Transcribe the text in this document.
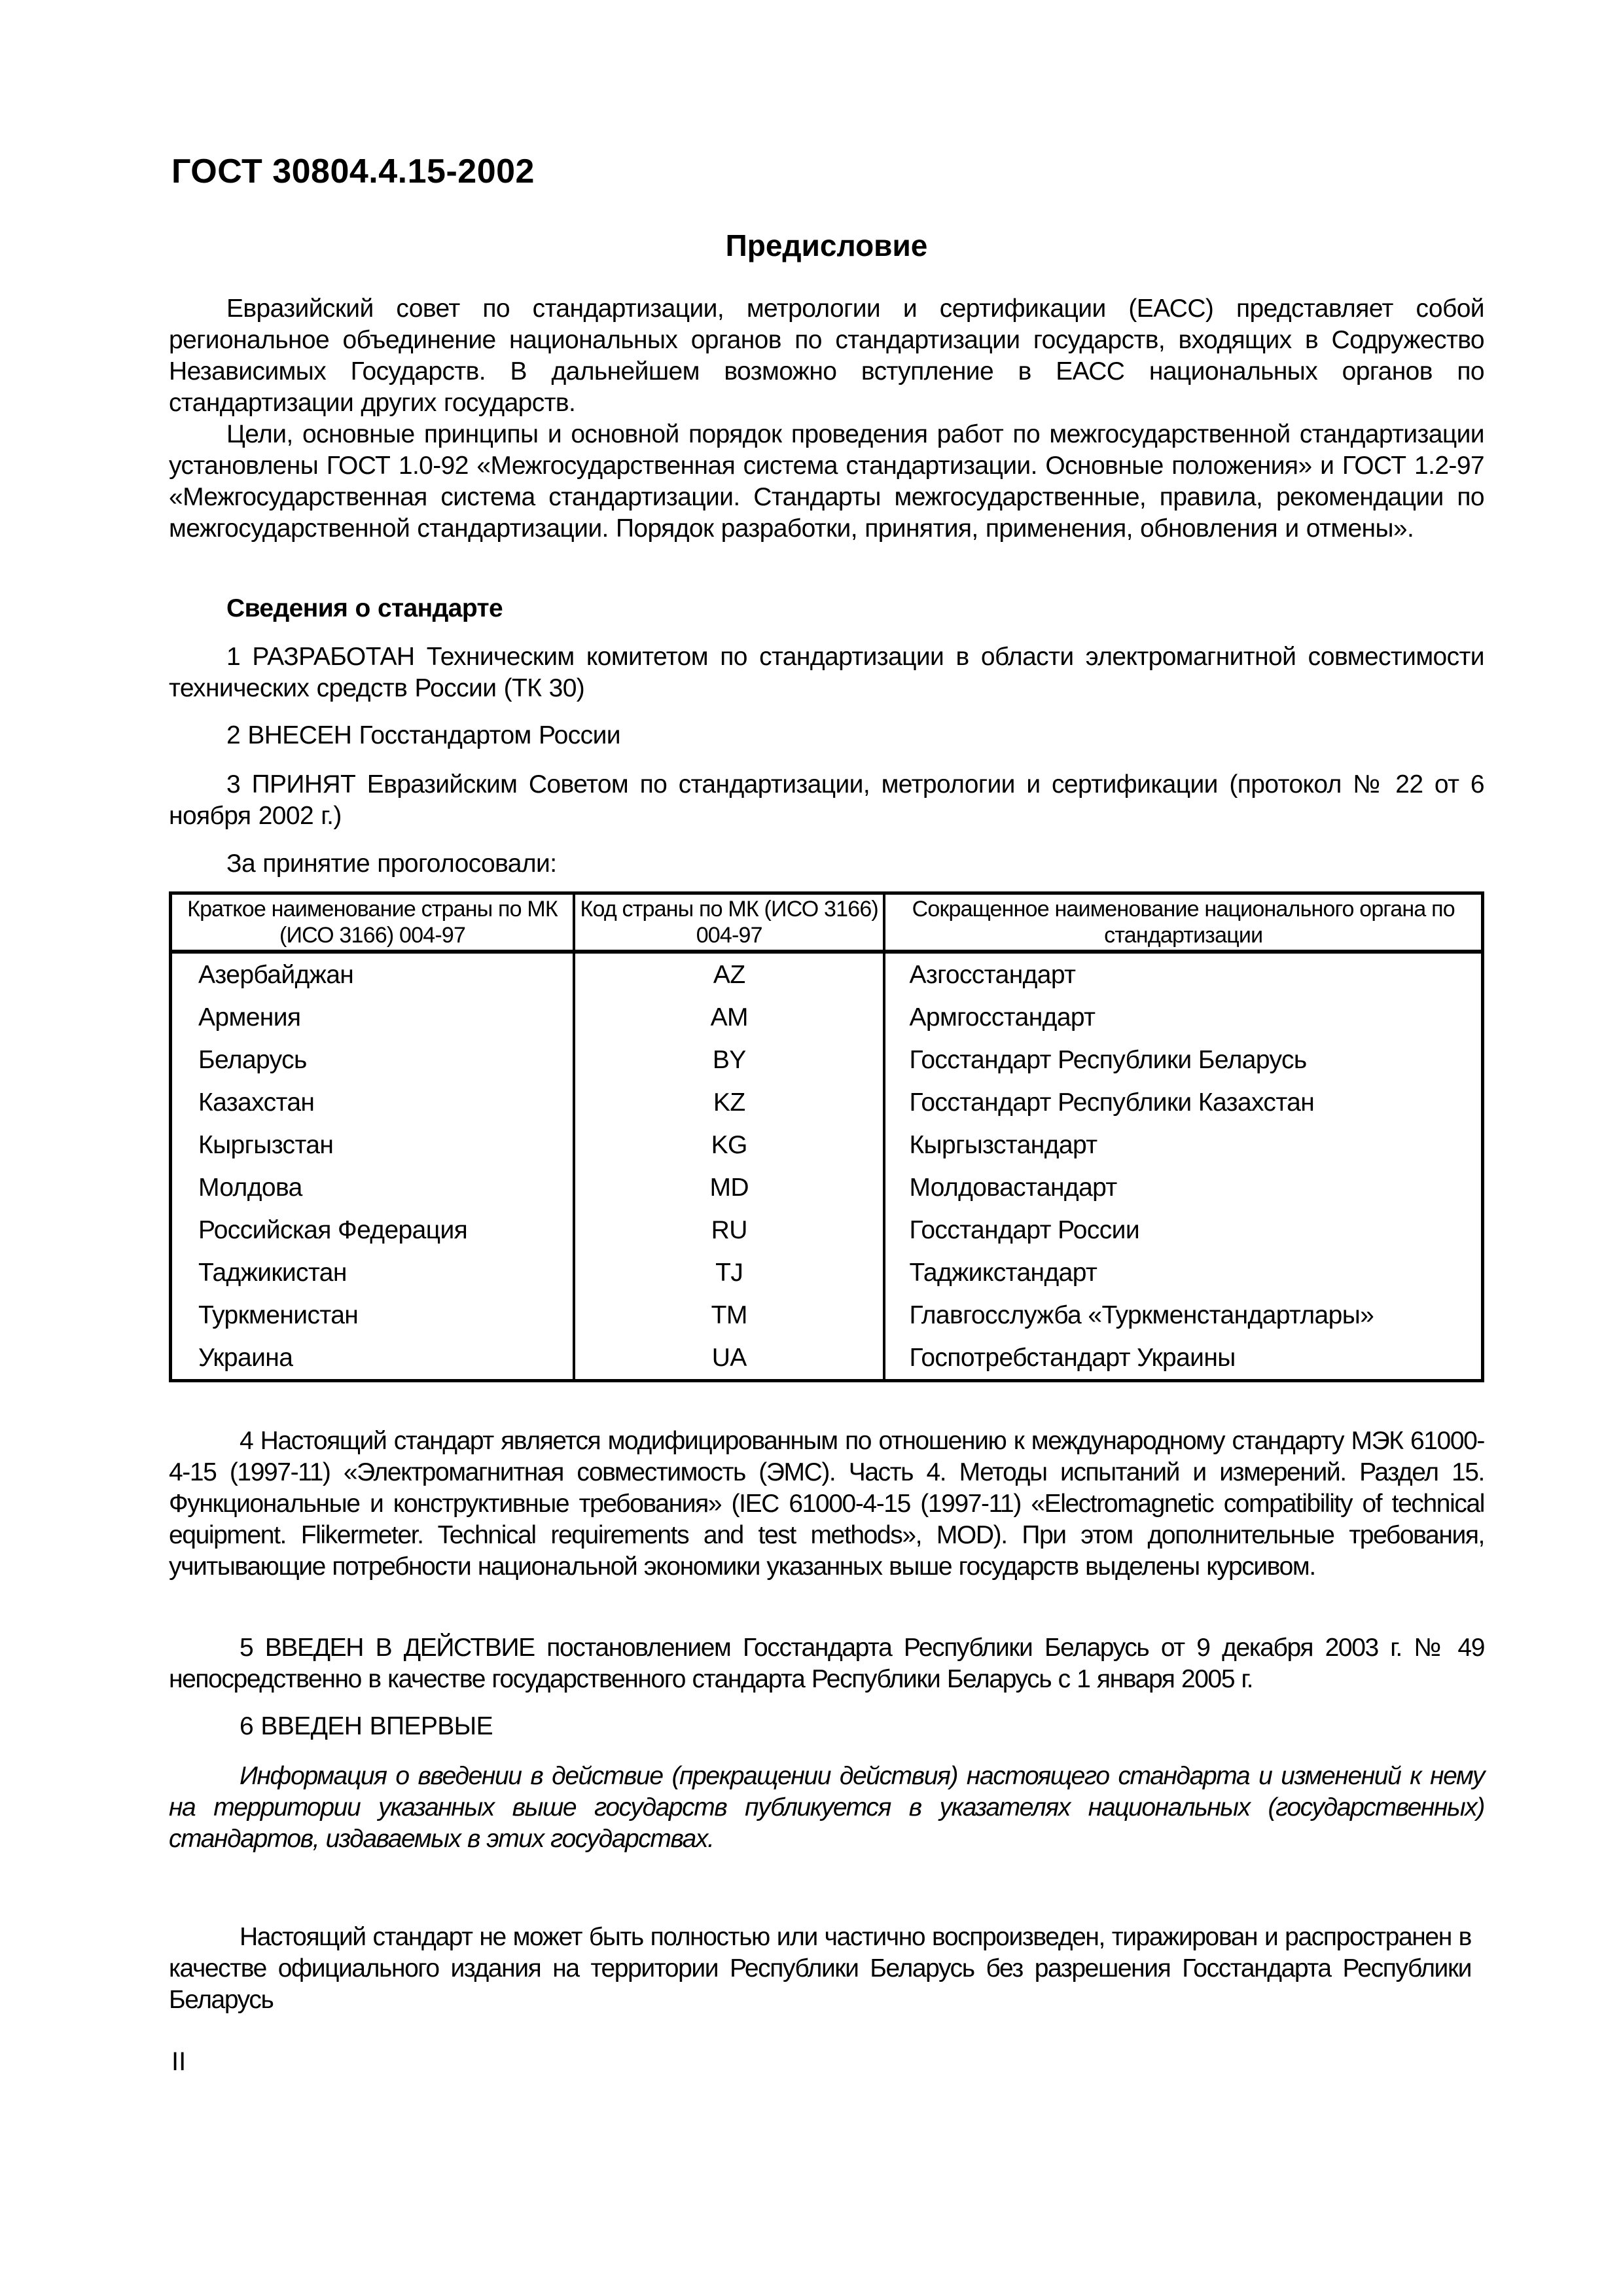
ГОСТ 30804.4.15-2002
Предисловие

Евразийский совет по стандартизации, метрологии и сертификации (ЕАСС) представляет собой региональное объединение национальных органов по стандартизации государств, входящих в Содружество Независимых Государств. В дальнейшем возможно вступление в ЕАСС национальных органов по стандартизации других государств.

Цели, основные принципы и основной порядок проведения работ по межгосударственной стандартизации установлены ГОСТ 1.0-92 «Межгосударственная система стандартизации. Основные положения» и ГОСТ 1.2-97 «Межгосударственная система стандартизации. Стандарты межгосударственные, правила, рекомендации по межгосударственной стандартизации. Порядок разработки, принятия, применения, обновления и отмены».

Сведения о стандарте

1 РАЗРАБОТАН Техническим комитетом по стандартизации в области электромагнитной совместимости технических средств России (ТК 30)

2 ВНЕСЕН Госстандартом России

3 ПРИНЯТ Евразийским Советом по стандартизации, метрологии и сертификации (протокол № 22 от 6 ноября 2002 г.)

За принятие проголосовали:

Краткое наименование страны по МК (ИСО 3166) 004-97	Код страны по МК (ИСО 3166) 004-97	Сокращенное наименование национального органа по стандартизации
Азербайджан	AZ	Азгосстандарт
Армения	AM	Армгосстандарт
Беларусь	BY	Госстандарт Республики Беларусь
Казахстан	KZ	Госстандарт Республики Казахстан
Кыргызстан	KG	Кыргызстандарт
Молдова	MD	Молдовастандарт
Российская Федерация	RU	Госстандарт России
Таджикистан	TJ	Таджикстандарт
Туркменистан	TM	Главгосслужба «Туркменстандартлары»
Украина	UA	Госпотребстандарт Украины

4 Настоящий стандарт является модифицированным по отношению к международному стандарту МЭК 61000-4-15 (1997-11) «Электромагнитная совместимость (ЭМС). Часть 4. Методы испытаний и измерений. Раздел 15. Функциональные и конструктивные требования» (IEC 61000-4-15 (1997-11) «Electromagnetic compatibility of technical equipment. Flikermeter. Technical requirements and test methods», MOD). При этом дополнительные требования, учитывающие потребности национальной экономики указанных выше государств выделены курсивом.

5 ВВЕДЕН В ДЕЙСТВИЕ постановлением Госстандарта Республики Беларусь от 9 декабря 2003 г. № 49 непосредственно в качестве государственного стандарта Республики Беларусь с 1 января 2005 г.

6 ВВЕДЕН ВПЕРВЫЕ

Информация о введении в действие (прекращении действия) настоящего стандарта и изменений к нему на территории указанных выше государств публикуется в указателях национальных (государственных) стандартов, издаваемых в этих государствах.

Настоящий стандарт не может быть полностью или частично воспроизведен, тиражирован и распространен в качестве официального издания на территории Республики Беларусь без разрешения Госстандарта Республики Беларусь

II
